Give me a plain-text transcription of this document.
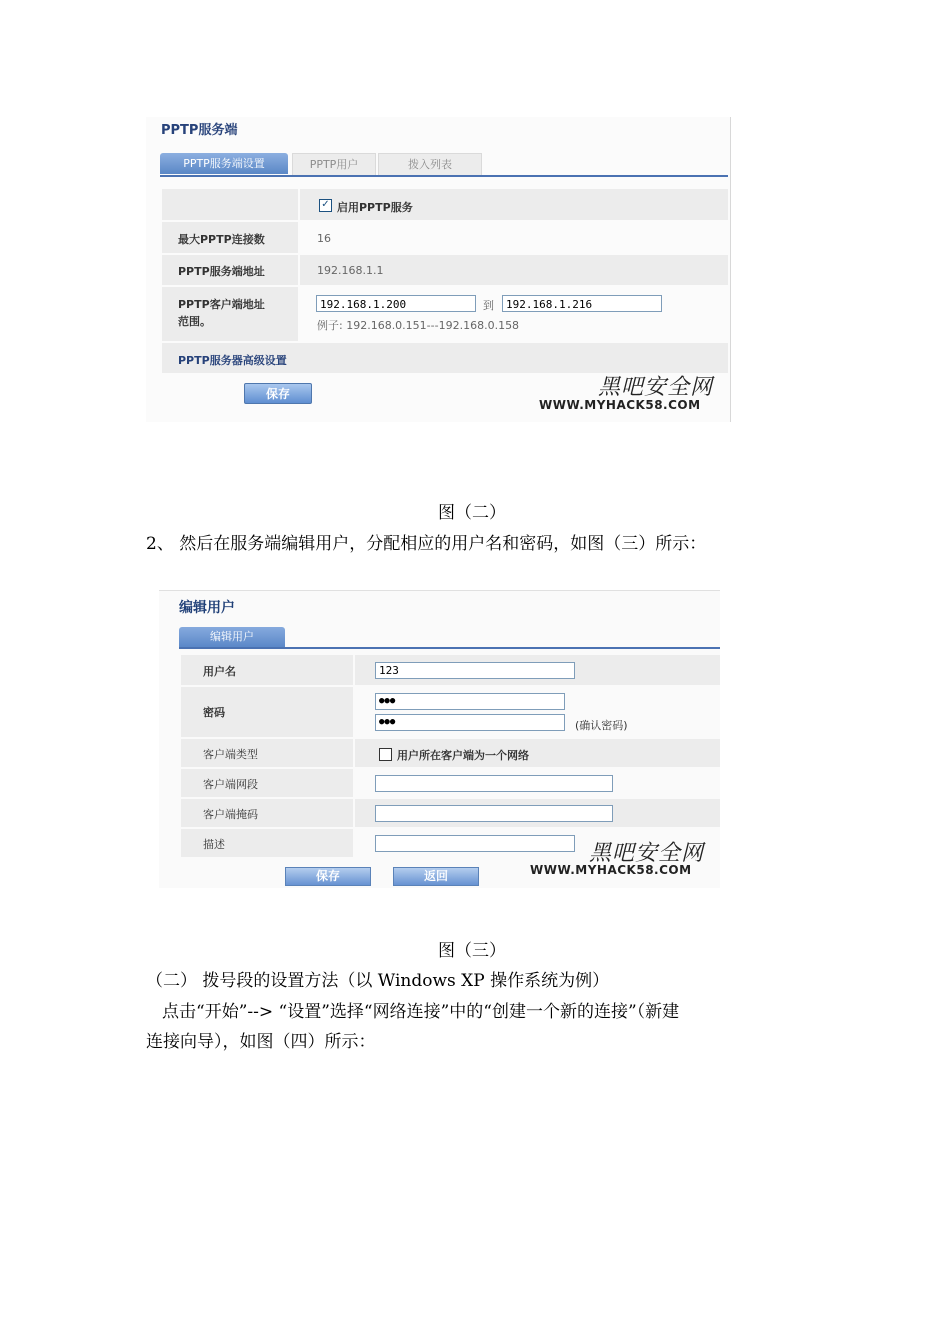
PPTP服务端
PPTP服务端设置	PPTP用户	拨入列表
✓ 启用PPTP服务
最大PPTP连接数	16
PPTP服务端地址	192.168.1.1
PPTP客户端地址
范围。
192.168.1.200	到	192.168.1.216
例子: 192.168.0.151---192.168.0.158
PPTP服务器高级设置
保存	黑吧安全网
WWW.MYHACK58.COM
图（二）
2、 然后在服务端编辑用户，分配相应的用户名和密码，如图（三）所示：
编辑用户
编辑用户
用户名	123
密码
●●●
●●●	(确认密码)
客户端类型	用户所在客户端为一个网络
客户端网段
客户端掩码
描述
保存	返回
黑吧安全网
WWW.MYHACK58.COM
图（三）
（二） 拨号段的设置方法（以 Windows XP 操作系统为例）
点击“开始”--> “设置”选择“网络连接”中的“创建一个新的连接”（新建
连接向导），如图（四）所示：
